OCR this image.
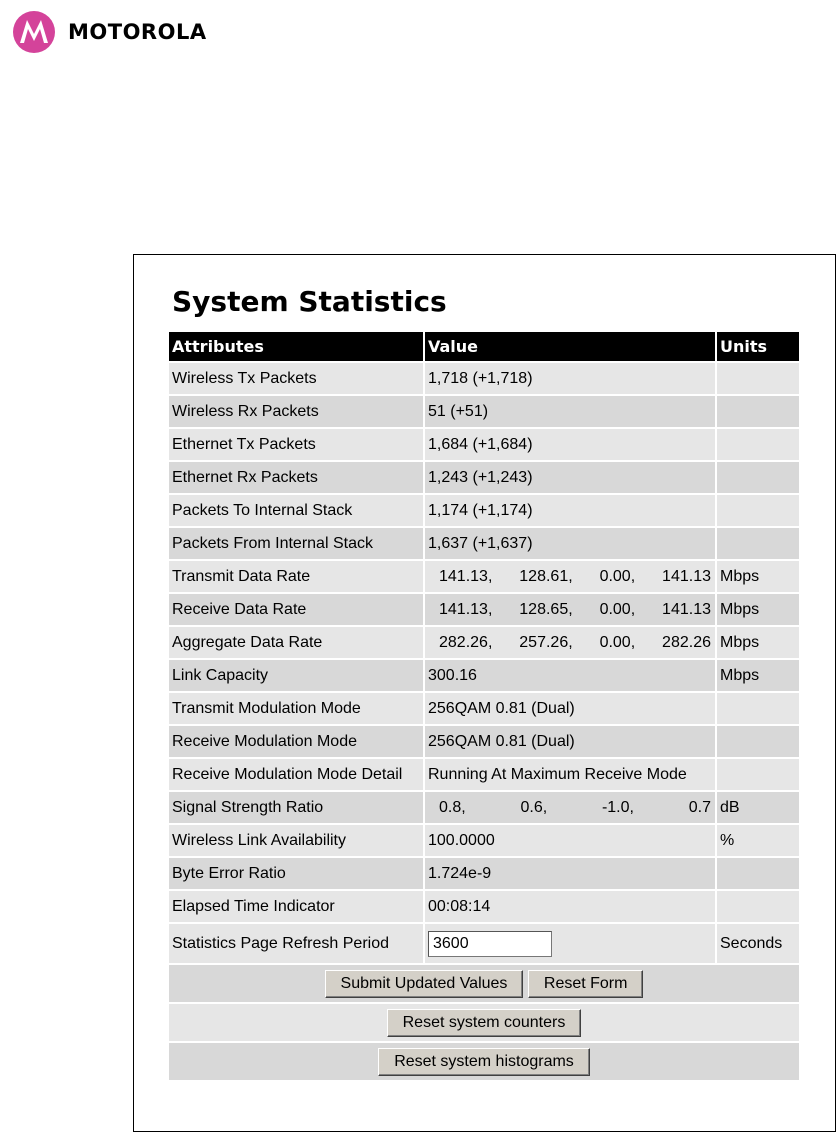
MOTOROLA
System Statistics
Attributes	Value	Units
Wireless Tx Packets	1,718 (+1,718)	
Wireless Rx Packets	51 (+51)	
Ethernet Tx Packets	1,684 (+1,684)	
Ethernet Rx Packets	1,243 (+1,243)	
Packets To Internal Stack	1,174 (+1,174)	
Packets From Internal Stack	1,637 (+1,637)	
Transmit Data Rate	141.13, 128.61, 0.00, 141.13	Mbps
Receive Data Rate	141.13, 128.65, 0.00, 141.13	Mbps
Aggregate Data Rate	282.26, 257.26, 0.00, 282.26	Mbps
Link Capacity	300.16	Mbps
Transmit Modulation Mode	256QAM 0.81 (Dual)	
Receive Modulation Mode	256QAM 0.81 (Dual)	
Receive Modulation Mode Detail	Running At Maximum Receive Mode	
Signal Strength Ratio	0.8, 0.6, -1.0, 0.7	dB
Wireless Link Availability	100.0000	%
Byte Error Ratio	1.724e-9	
Elapsed Time Indicator	00:08:14	
Statistics Page Refresh Period	3600	Seconds
Submit Updated Values Reset Form		
Reset system counters		
Reset system histograms		
